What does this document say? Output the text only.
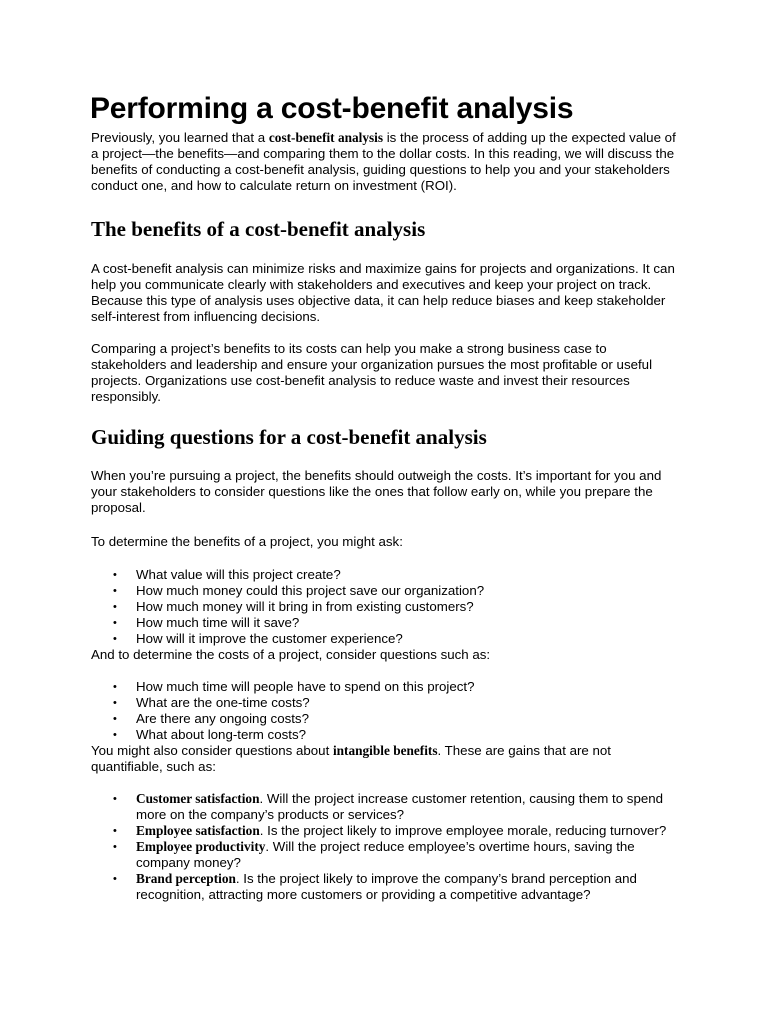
Performing a cost-benefit analysis

Previously, you learned that a cost-benefit analysis is the process of adding up the expected value of a project—the benefits—and comparing them to the dollar costs. In this reading, we will discuss the benefits of conducting a cost-benefit analysis, guiding questions to help you and your stakeholders conduct one, and how to calculate return on investment (ROI).

The benefits of a cost-benefit analysis

A cost-benefit analysis can minimize risks and maximize gains for projects and organizations. It can help you communicate clearly with stakeholders and executives and keep your project on track. Because this type of analysis uses objective data, it can help reduce biases and keep stakeholder self-interest from influencing decisions.

Comparing a project’s benefits to its costs can help you make a strong business case to stakeholders and leadership and ensure your organization pursues the most profitable or useful projects. Organizations use cost-benefit analysis to reduce waste and invest their resources responsibly.

Guiding questions for a cost-benefit analysis

When you’re pursuing a project, the benefits should outweigh the costs. It’s important for you and your stakeholders to consider questions like the ones that follow early on, while you prepare the proposal.

To determine the benefits of a project, you might ask:

• What value will this project create?
• How much money could this project save our organization?
• How much money will it bring in from existing customers?
• How much time will it save?
• How will it improve the customer experience?

And to determine the costs of a project, consider questions such as:

• How much time will people have to spend on this project?
• What are the one-time costs?
• Are there any ongoing costs?
• What about long-term costs?

You might also consider questions about intangible benefits. These are gains that are not quantifiable, such as:

• Customer satisfaction. Will the project increase customer retention, causing them to spend more on the company’s products or services?
• Employee satisfaction. Is the project likely to improve employee morale, reducing turnover?
• Employee productivity. Will the project reduce employee’s overtime hours, saving the company money?
• Brand perception. Is the project likely to improve the company’s brand perception and recognition, attracting more customers or providing a competitive advantage?
